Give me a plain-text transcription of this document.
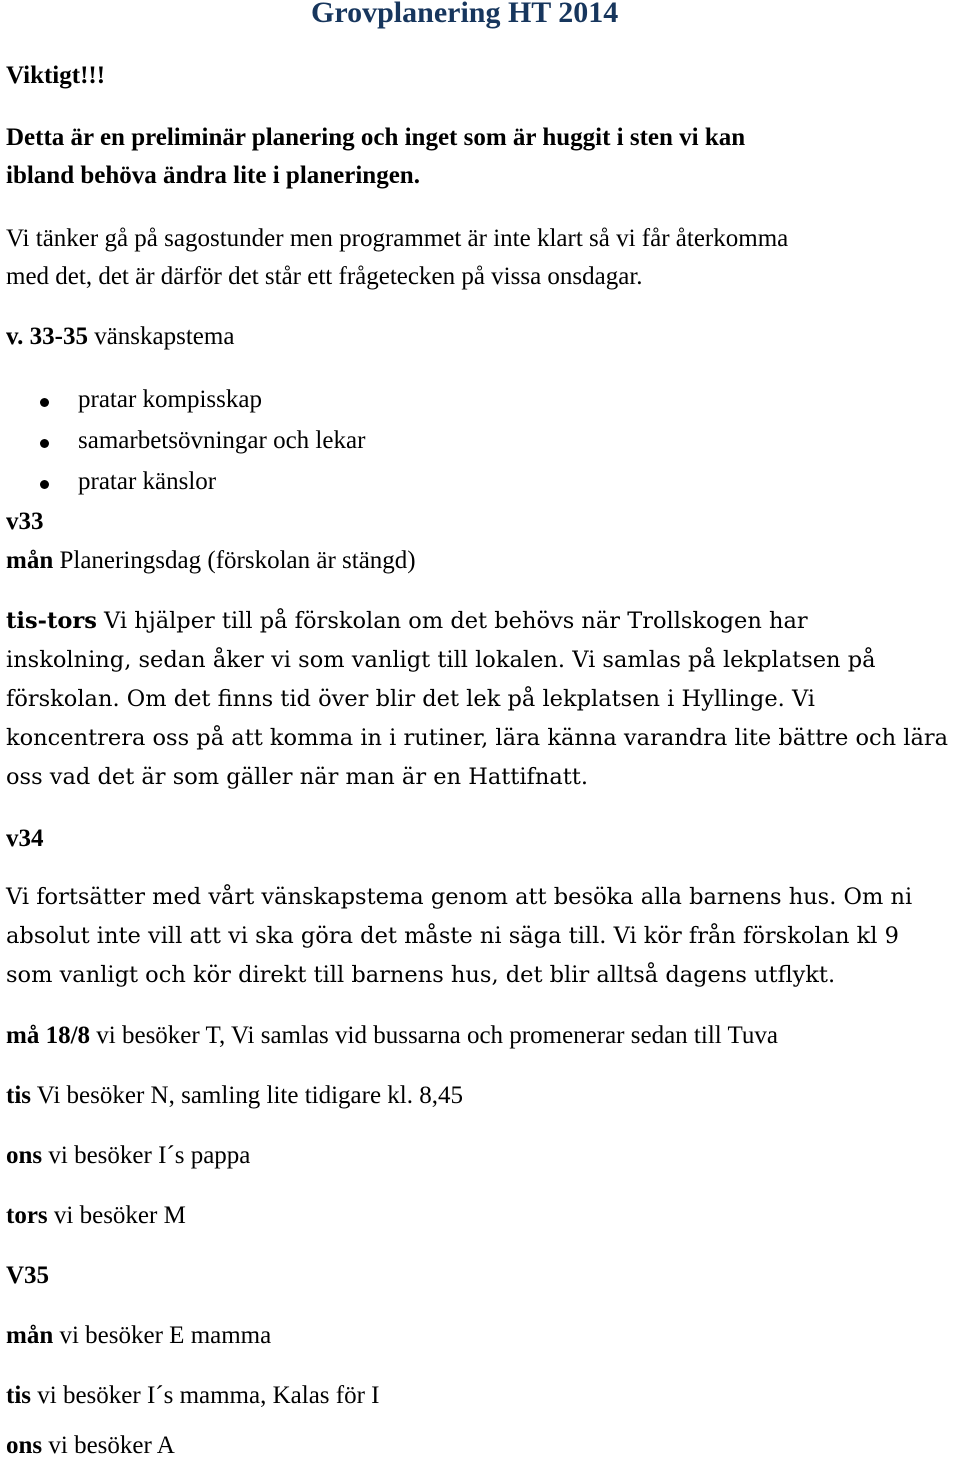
Grovplanering HT 2014
Viktigt!!!
Detta är en preliminär planering och inget som är huggit i sten vi kan
ibland behöva ändra lite i planeringen.
Vi tänker gå på sagostunder men programmet är inte klart så vi får återkomma
med det, det är därför det står ett frågetecken på vissa onsdagar.
v. 33-35 vänskapstema
pratar kompisskap
samarbetsövningar och lekar
pratar känslor
v33
mån Planeringsdag (förskolan är stängd)
tis-tors Vi hjälper till på förskolan om det behövs när Trollskogen har
inskolning, sedan åker vi som vanligt till lokalen. Vi samlas på lekplatsen på
förskolan. Om det finns tid över blir det lek på lekplatsen i Hyllinge. Vi
koncentrera oss på att komma in i rutiner, lära känna varandra lite bättre och lära
oss vad det är som gäller när man är en Hattifnatt.
v34
Vi fortsätter med vårt vänskapstema genom att besöka alla barnens hus. Om ni
absolut inte vill att vi ska göra det måste ni säga till. Vi kör från förskolan kl 9
som vanligt och kör direkt till barnens hus, det blir alltså dagens utflykt.
må 18/8 vi besöker T, Vi samlas vid bussarna och promenerar sedan till Tuva
tis Vi besöker N, samling lite tidigare kl. 8,45
ons vi besöker I´s pappa
tors vi besöker M
V35
mån vi besöker E mamma
tis vi besöker I´s mamma, Kalas för I
ons vi besöker A
